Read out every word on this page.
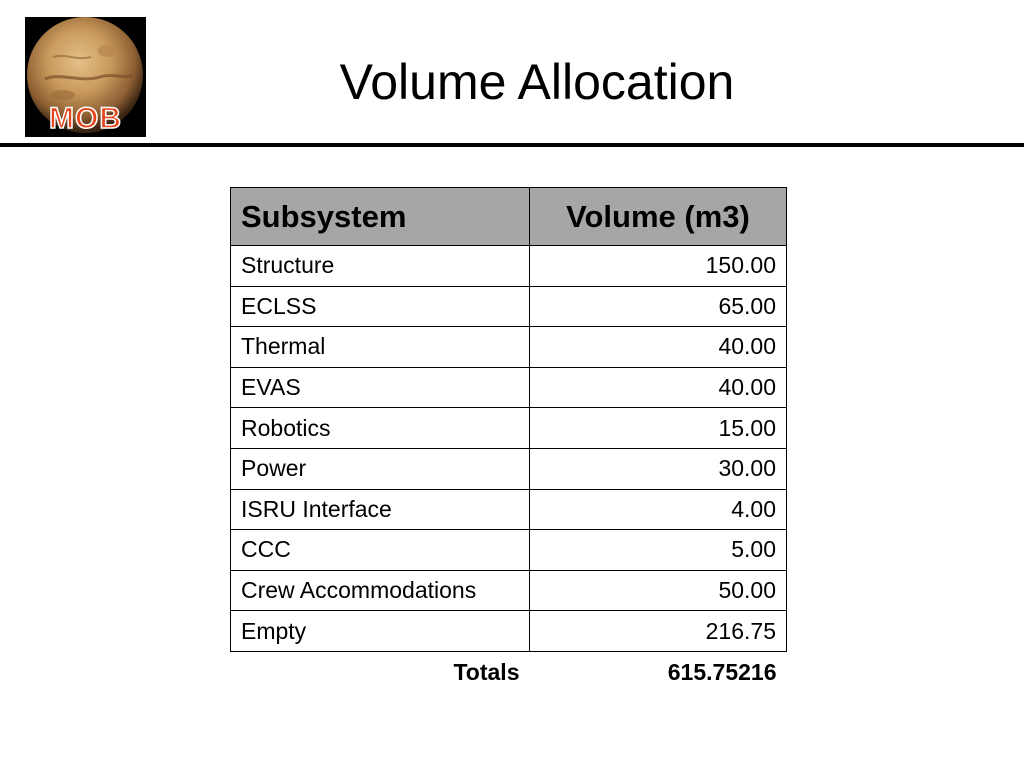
MOB
Volume Allocation
Subsystem	Volume (m3)
Structure	150.00
ECLSS	65.00
Thermal	40.00
EVAS	40.00
Robotics	15.00
Power	30.00
ISRU Interface	4.00
CCC	5.00
Crew Accommodations	50.00
Empty	216.75
Totals	615.75216
